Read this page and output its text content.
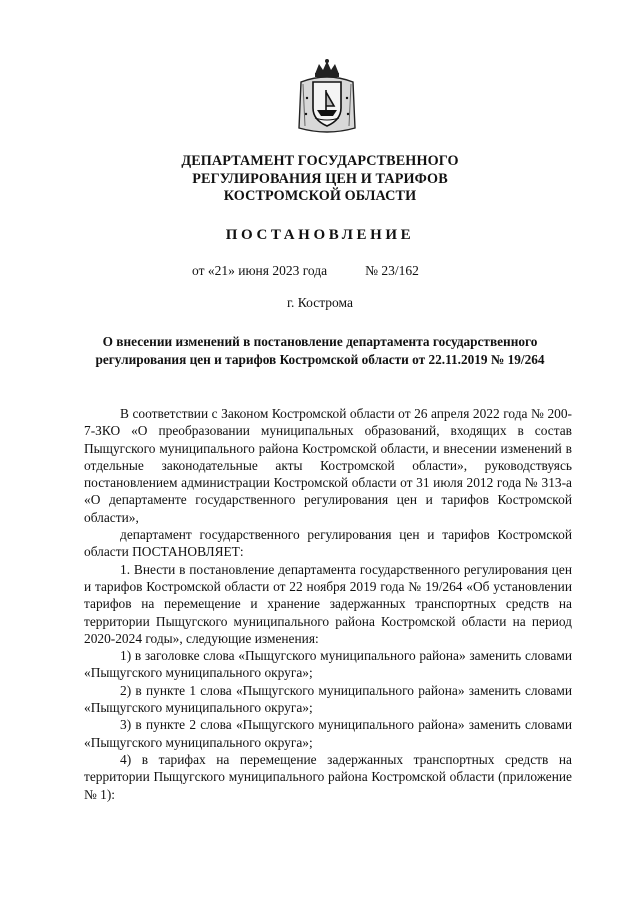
ДЕПАРТАМЕНТ ГОСУДАРСТВЕННОГО
РЕГУЛИРОВАНИЯ ЦЕН И ТАРИФОВ
КОСТРОМСКОЙ ОБЛАСТИ
ПОСТАНОВЛЕНИЕ
от «21» июня 2023 года	№ 23/162
г. Кострома
О внесении изменений в постановление департамента государственного
регулирования цен и тарифов Костромской области от 22.11.2019 № 19/264

В соответствии с Законом Костромской области от 26 апреля 2022 года № 200-7-ЗКО «О преобразовании муниципальных образований, входящих в состав Пыщугского муниципального района Костромской области, и внесении изменений в отдельные законодательные акты Костромской области», руководствуясь постановлением администрации Костромской области от 31 июля 2012 года № 313-а «О департаменте государственного регулирования цен и тарифов Костромской области»,

департамент государственного регулирования цен и тарифов Костромской области ПОСТАНОВЛЯЕТ:

1. Внести в постановление департамента государственного регулирования цен и тарифов Костромской области от 22 ноября 2019 года № 19/264 «Об установлении тарифов на перемещение и хранение задержанных транспортных средств на территории Пыщугского муниципального района Костромской области на период 2020-2024 годы», следующие изменения:

1) в заголовке слова «Пыщугского муниципального района» заменить словами «Пыщугского муниципального округа»;

2) в пункте 1 слова «Пыщугского муниципального района» заменить словами «Пыщугского муниципального округа»;

3) в пункте 2 слова «Пыщугского муниципального района» заменить словами «Пыщугского муниципального округа»;

4) в тарифах на перемещение задержанных транспортных средств на территории Пыщугского муниципального района Костромской области (приложение № 1):
